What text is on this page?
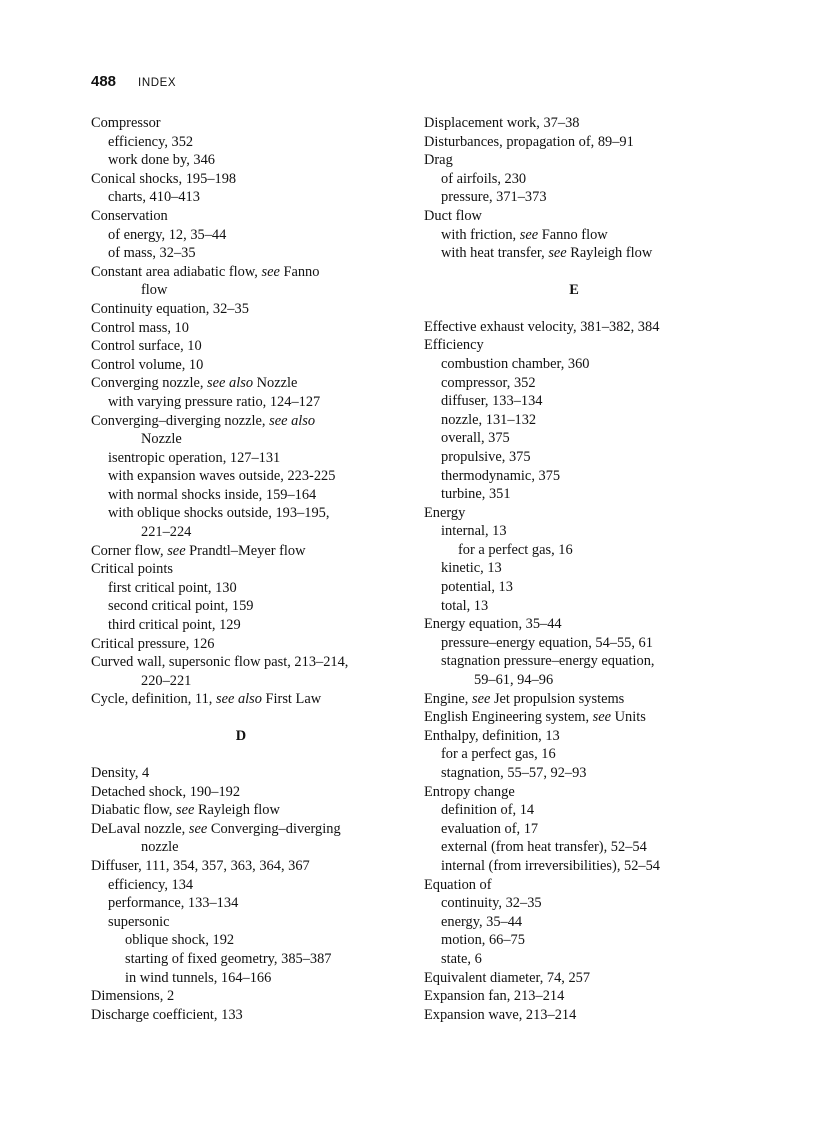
488 INDEX
Compressor
efficiency, 352
work done by, 346
Conical shocks, 195–198
charts, 410–413
Conservation
of energy, 12, 35–44
of mass, 32–35
Constant area adiabatic flow, see Fanno
flow
Continuity equation, 32–35
Control mass, 10
Control surface, 10
Control volume, 10
Converging nozzle, see also Nozzle
with varying pressure ratio, 124–127
Converging–diverging nozzle, see also
Nozzle
isentropic operation, 127–131
with expansion waves outside, 223-225
with normal shocks inside, 159–164
with oblique shocks outside, 193–195,
221–224
Corner flow, see Prandtl–Meyer flow
Critical points
first critical point, 130
second critical point, 159
third critical point, 129
Critical pressure, 126
Curved wall, supersonic flow past, 213–214,
220–221
Cycle, definition, 11, see also First Law
D
Density, 4
Detached shock, 190–192
Diabatic flow, see Rayleigh flow
DeLaval nozzle, see Converging–diverging
nozzle
Diffuser, 111, 354, 357, 363, 364, 367
efficiency, 134
performance, 133–134
supersonic
oblique shock, 192
starting of fixed geometry, 385–387
in wind tunnels, 164–166
Dimensions, 2
Discharge coefficient, 133
Displacement work, 37–38
Disturbances, propagation of, 89–91
Drag
of airfoils, 230
pressure, 371–373
Duct flow
with friction, see Fanno flow
with heat transfer, see Rayleigh flow
E
Effective exhaust velocity, 381–382, 384
Efficiency
combustion chamber, 360
compressor, 352
diffuser, 133–134
nozzle, 131–132
overall, 375
propulsive, 375
thermodynamic, 375
turbine, 351
Energy
internal, 13
for a perfect gas, 16
kinetic, 13
potential, 13
total, 13
Energy equation, 35–44
pressure–energy equation, 54–55, 61
stagnation pressure–energy equation,
59–61, 94–96
Engine, see Jet propulsion systems
English Engineering system, see Units
Enthalpy, definition, 13
for a perfect gas, 16
stagnation, 55–57, 92–93
Entropy change
definition of, 14
evaluation of, 17
external (from heat transfer), 52–54
internal (from irreversibilities), 52–54
Equation of
continuity, 32–35
energy, 35–44
motion, 66–75
state, 6
Equivalent diameter, 74, 257
Expansion fan, 213–214
Expansion wave, 213–214
